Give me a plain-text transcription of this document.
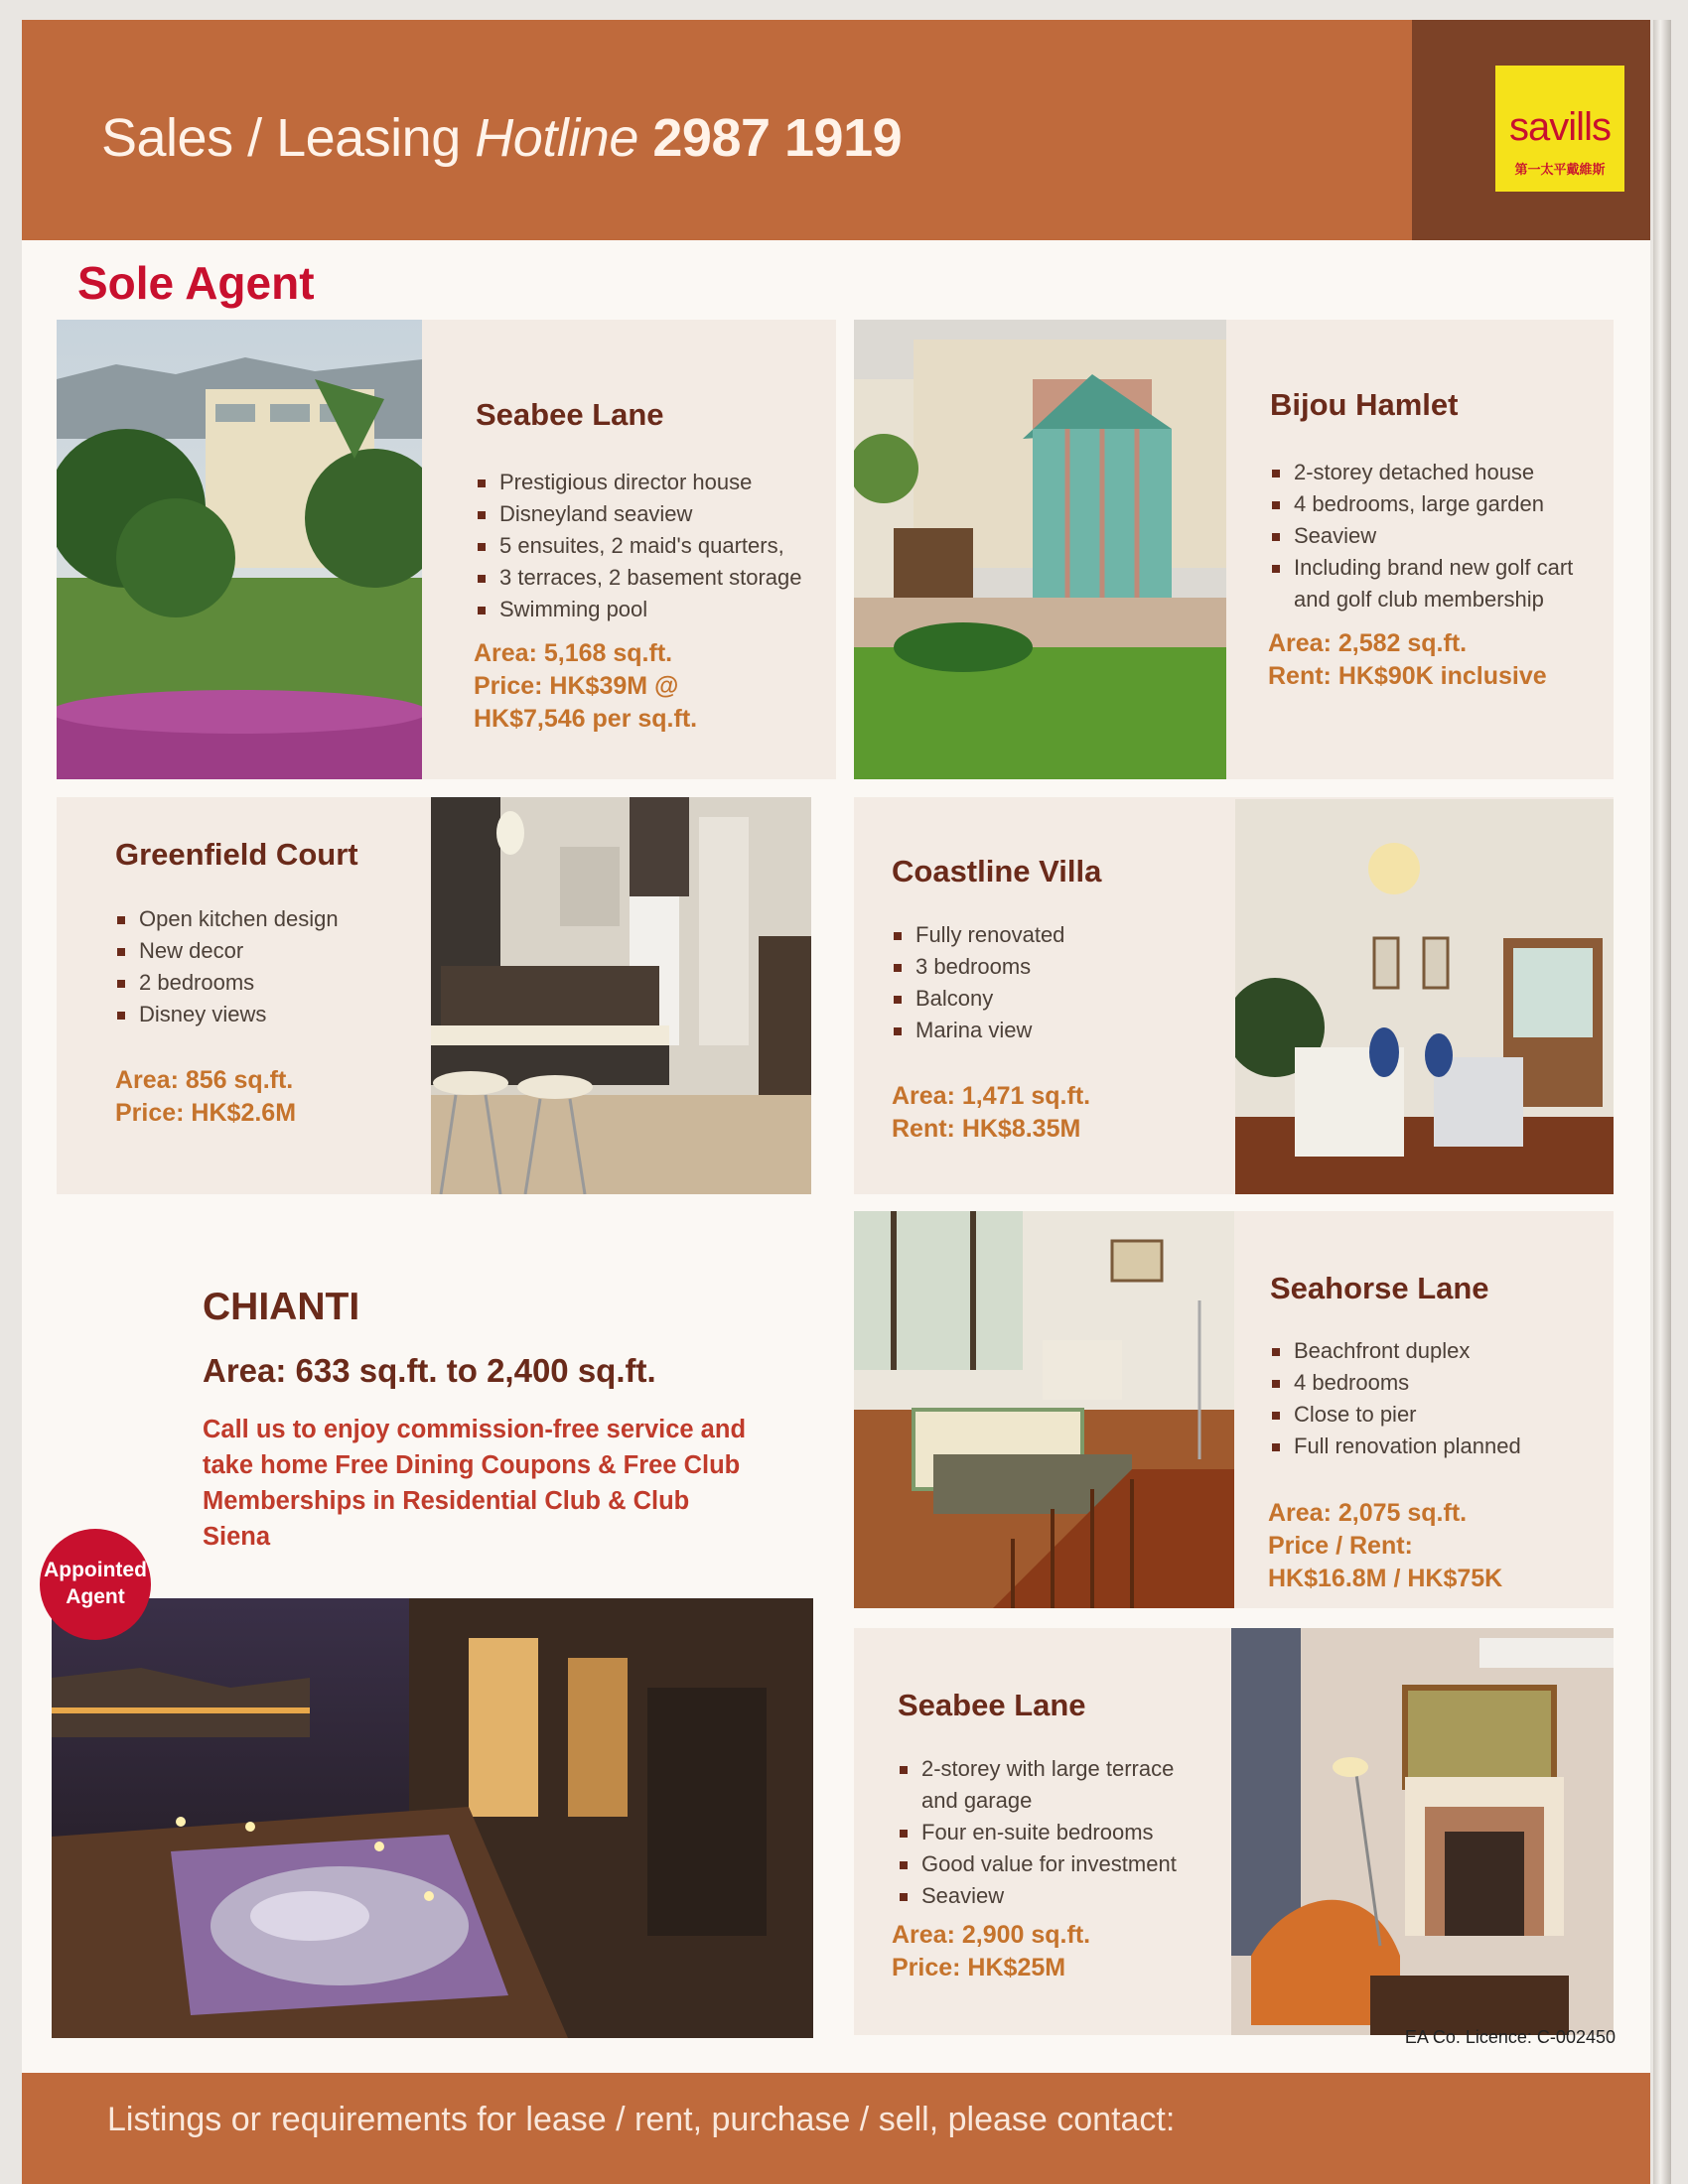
Sales / Leasing Hotline 2987 1919	savills
第一太平戴維斯
Sole Agent
Seabee Lane
Prestigious director house
Disneyland seaview
5 ensuites, 2 maid's quarters,
3 terraces, 2 basement storage
Swimming pool
Area: 5,168 sq.ft.
Price: HK$39M @
HK$7,546 per sq.ft.
Bijou Hamlet
2-storey detached house
4 bedrooms, large garden
Seaview
Including brand new golf cart
and golf club membership
Area: 2,582 sq.ft.
Rent: HK$90K inclusive
Greenfield Court
Open kitchen design
New decor
2 bedrooms
Disney views
Area: 856 sq.ft.
Price: HK$2.6M
Coastline Villa
Fully renovated
3 bedrooms
Balcony
Marina view
Area: 1,471 sq.ft.
Rent: HK$8.35M
CHIANTI
Area: 633 sq.ft. to 2,400 sq.ft.
Call us to enjoy commission-free service and take home Free Dining Coupons & Free Club Memberships in Residential Club & Club Siena
Appointed
Agent
Seahorse Lane
Beachfront duplex
4 bedrooms
Close to pier
Full renovation planned
Area: 2,075 sq.ft.
Price / Rent:
HK$16.8M / HK$75K
Seabee Lane
2-storey with large terrace
and garage
Four en-suite bedrooms
Good value for investment
Seaview
Area: 2,900 sq.ft.
Price: HK$25M
EA Co. Licence: C-002450
Listings or requirements for lease / rent, purchase / sell, please contact:
